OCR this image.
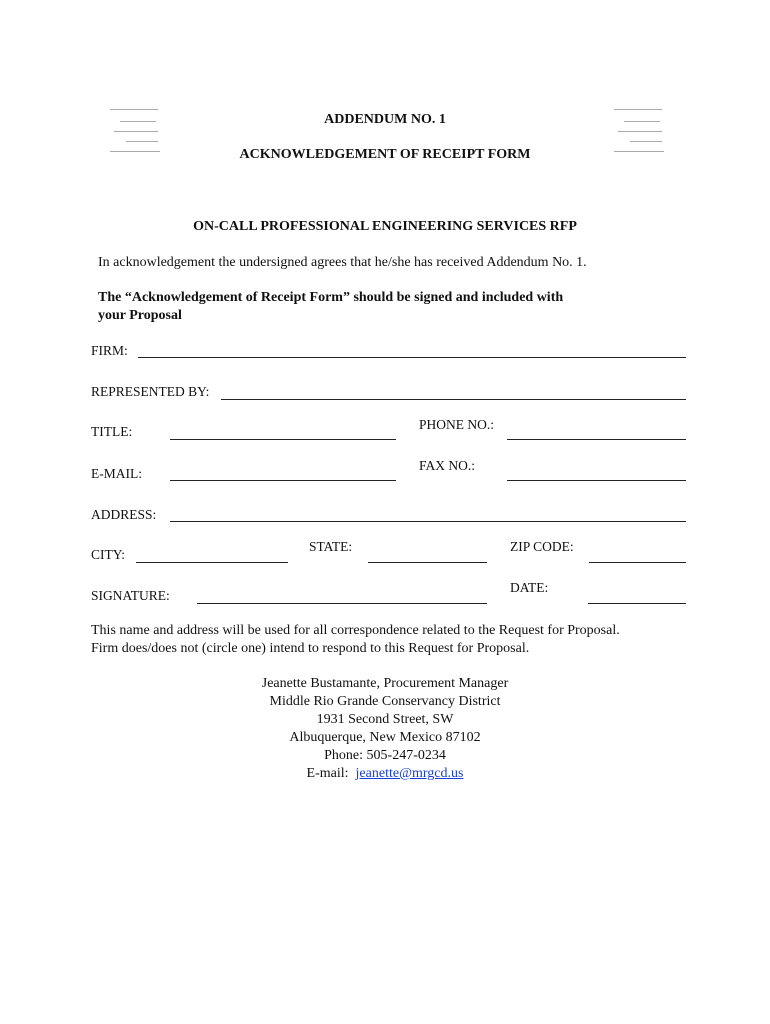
ADDENDUM NO. 1
ACKNOWLEDGEMENT OF RECEIPT FORM
ON-CALL PROFESSIONAL ENGINEERING SERVICES RFP
In acknowledgement the undersigned agrees that he/she has received Addendum No. 1.
The “Acknowledgement of Receipt Form” should be signed and included with
your Proposal
FIRM:
REPRESENTED BY:
TITLE:	PHONE NO.:
E-MAIL:
FAX NO.:
ADDRESS:
CITY:
STATE:	ZIP CODE:
SIGNATURE:
DATE:
This name and address will be used for all correspondence related to the Request for Proposal.
Firm does/does not (circle one) intend to respond to this Request for Proposal.
Jeanette Bustamante, Procurement Manager
Middle Rio Grande Conservancy District
1931 Second Street, SW
Albuquerque, New Mexico 87102
Phone: 505-247-0234
E-mail:  jeanette@mrgcd.us
